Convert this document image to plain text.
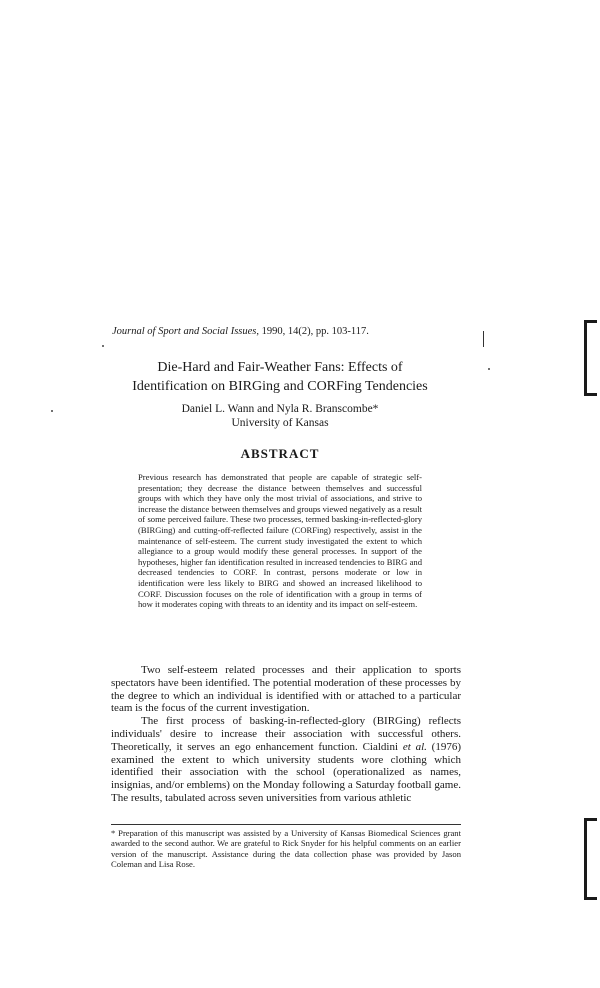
Journal of Sport and Social Issues, 1990, 14(2), pp. 103-117.
Die-Hard and Fair-Weather Fans: Effects of
Identification on BIRGing and CORFing Tendencies
Daniel L. Wann and Nyla R. Branscombe*
University of Kansas
ABSTRACT
Previous research has demonstrated that people are capable of strategic self-presentation; they decrease the distance between themselves and successful groups with which they have only the most trivial of associations, and strive to increase the distance between themselves and groups viewed negatively as a result of some perceived failure. These two processes, termed basking-in-reflected-glory (BIRGing) and cutting-off-reflected failure (CORFing) respectively, assist in the maintenance of self-esteem. The current study investigated the extent to which allegiance to a group would modify these general processes. In support of the hypotheses, higher fan identification resulted in increased tendencies to BIRG and decreased tendencies to CORF. In contrast, persons moderate or low in identification were less likely to BIRG and showed an increased likelihood to CORF. Discussion focuses on the role of identification with a group in terms of how it moderates coping with threats to an identity and its impact on self-esteem.

Two self-esteem related processes and their application to sports spectators have been identified. The potential moderation of these processes by the degree to which an individual is identified with or attached to a particular team is the focus of the current investigation.

The first process of basking-in-reflected-glory (BIRGing) reflects individuals' desire to increase their association with successful others. Theoretically, it serves an ego enhancement function. Cialdini et al. (1976) examined the extent to which university students wore clothing which identified their association with the school (operationalized as names, insignias, and/or emblems) on the Monday following a Saturday football game. The results, tabulated across seven universities from various athletic

* Preparation of this manuscript was assisted by a University of Kansas Biomedical Sciences grant awarded to the second author. We are grateful to Rick Snyder for his helpful comments on an earlier version of the manuscript. Assistance during the data collection phase was provided by Jason Coleman and Lisa Rose.
